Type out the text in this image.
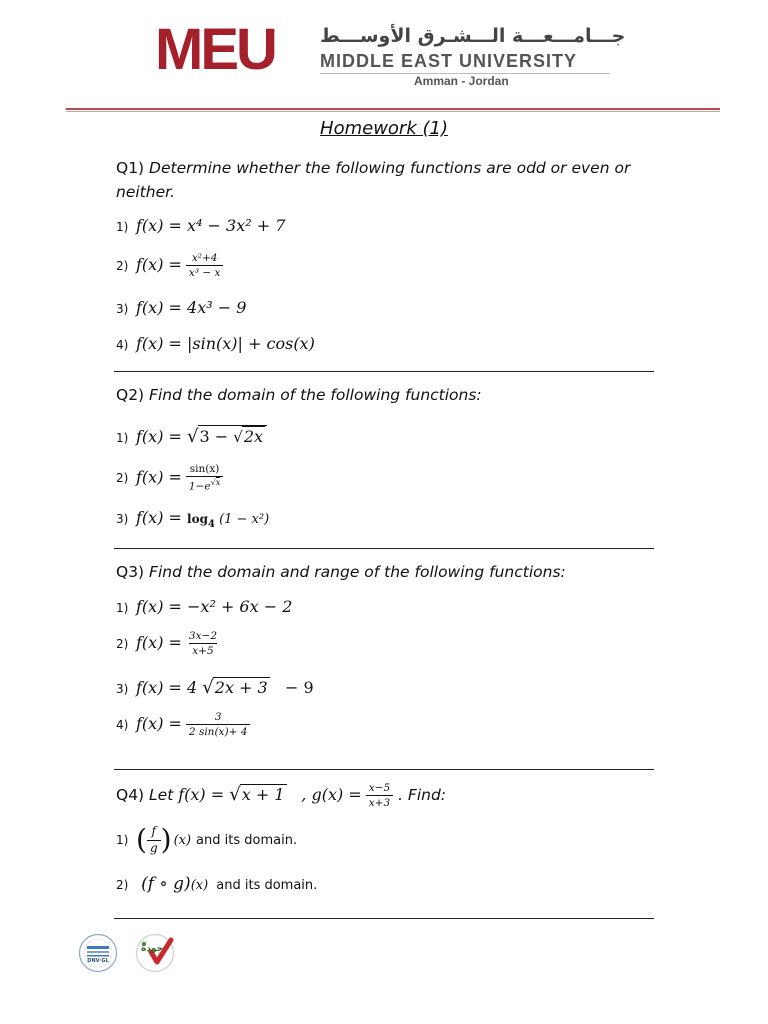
MEU جـــامـــعـــة الـــشـرق الأوســـط
MIDDLE EAST UNIVERSITY
Amman - Jordan
Homework (1)
Q1) Determine whether the following functions are odd or even or neither.
1) f(x) = x⁴ − 3x² + 7
2) $f(x) = \frac{\text{x²+4}}{\text{x³ − x}}$
3) f(x) = 4x³ − 9
4) f(x) = |sin(x)| + cos(x)
Q2) Find the domain of the following functions:
1) f(x) = √3 − √2x
2) $f(x) = \frac{\sin(x)}{1-e^{√x}}$
3) $f(x) = \log_4 (1 - x^2)$
Q3) Find the domain and range of the following functions:
1) f(x) = −x² + 6x − 2
2) $f(x) = \frac{3x-2}{x+5}$
3) f(x) = 4 √2x + 3 − 9
4) $f(x) = \frac{3}{2 \sin(x)+ 4}$
Q4) Let f(x) = √x + 1 , $g(x) = \frac{x-5}{x+3}$ . Find:
1) ( $\frac{f}{g}$ ) (x) and its domain.
2) (f ∘ g)(x) and its domain.
DNV·GL
جودة
